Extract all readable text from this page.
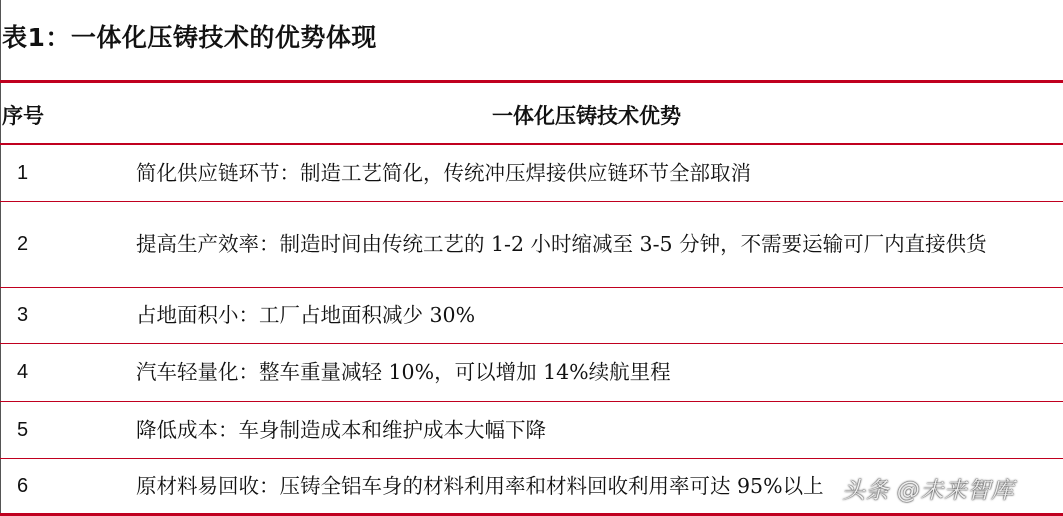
表1：一体化压铸技术的优势体现
序号	一体化压铸技术优势
1	简化供应链环节：制造工艺简化，传统冲压焊接供应链环节全部取消
2	提高生产效率：制造时间由传统工艺的 1-2 小时缩减至 3-5 分钟，不需要运输可厂内直接供货
3	占地面积小：工厂占地面积减少 30%
4	汽车轻量化：整车重量减轻 10%，可以增加 14%续航里程
5	降低成本：车身制造成本和维护成本大幅下降
6	原材料易回收：压铸全铝车身的材料利用率和材料回收利用率可达 95%以上 头条 @未来智库
